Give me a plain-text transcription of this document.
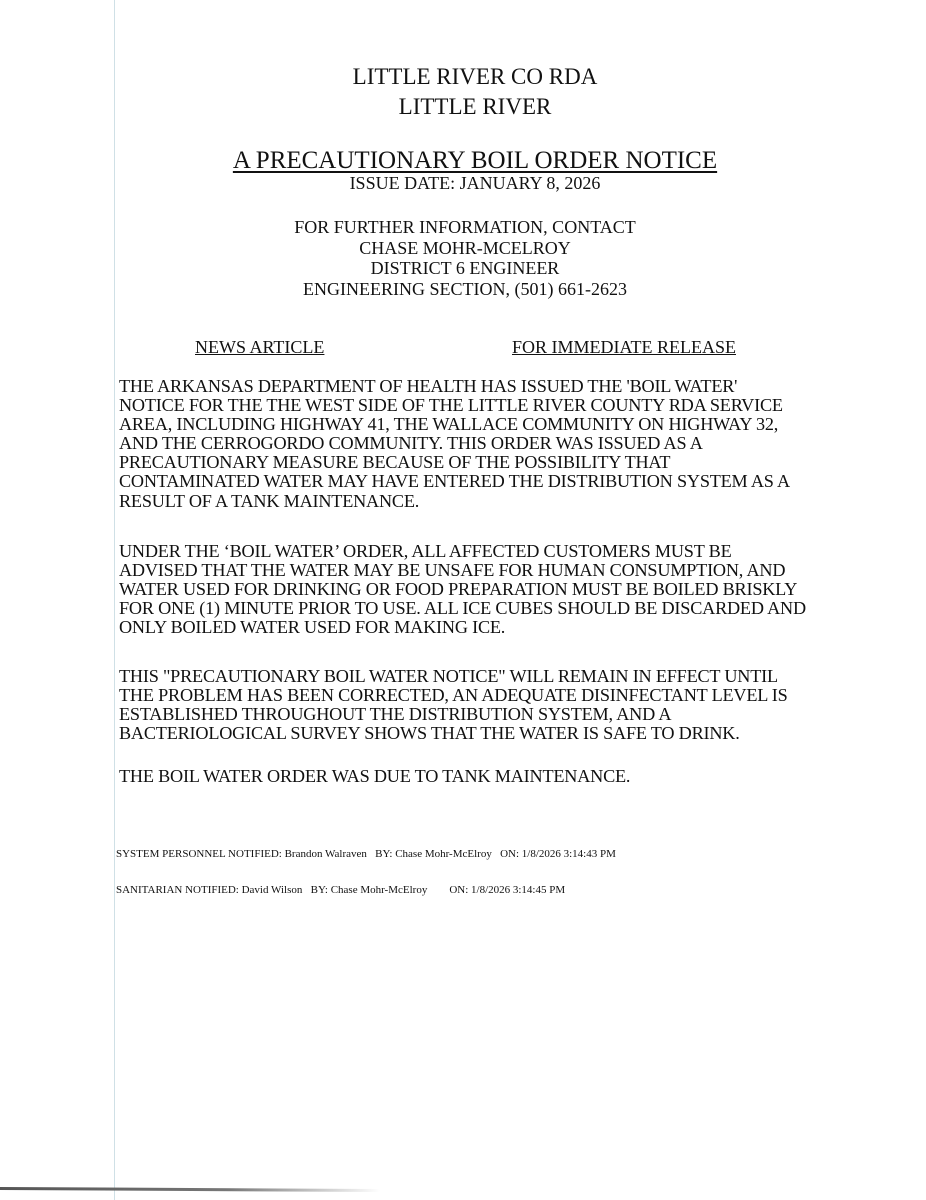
LITTLE RIVER CO RDA
LITTLE RIVER
A PRECAUTIONARY BOIL ORDER NOTICE
ISSUE DATE: JANUARY 8, 2026
FOR FURTHER INFORMATION, CONTACT
CHASE MOHR-MCELROY
DISTRICT 6 ENGINEER
ENGINEERING SECTION, (501) 661-2623
NEWS ARTICLE	FOR IMMEDIATE RELEASE
THE ARKANSAS DEPARTMENT OF HEALTH HAS ISSUED THE 'BOIL WATER'
NOTICE FOR THE THE WEST SIDE OF THE LITTLE RIVER COUNTY RDA SERVICE
AREA, INCLUDING HIGHWAY 41, THE WALLACE COMMUNITY ON HIGHWAY 32,
AND THE CERROGORDO COMMUNITY. THIS ORDER WAS ISSUED AS A
PRECAUTIONARY MEASURE BECAUSE OF THE POSSIBILITY THAT
CONTAMINATED WATER MAY HAVE ENTERED THE DISTRIBUTION SYSTEM AS A
RESULT OF A TANK MAINTENANCE.
UNDER THE ‘BOIL WATER’ ORDER, ALL AFFECTED CUSTOMERS MUST BE
ADVISED THAT THE WATER MAY BE UNSAFE FOR HUMAN CONSUMPTION, AND
WATER USED FOR DRINKING OR FOOD PREPARATION MUST BE BOILED BRISKLY
FOR ONE (1) MINUTE PRIOR TO USE. ALL ICE CUBES SHOULD BE DISCARDED AND
ONLY BOILED WATER USED FOR MAKING ICE.
THIS "PRECAUTIONARY BOIL WATER NOTICE" WILL REMAIN IN EFFECT UNTIL
THE PROBLEM HAS BEEN CORRECTED, AN ADEQUATE DISINFECTANT LEVEL IS
ESTABLISHED THROUGHOUT THE DISTRIBUTION SYSTEM, AND A
BACTERIOLOGICAL SURVEY SHOWS THAT THE WATER IS SAFE TO DRINK.
THE BOIL WATER ORDER WAS DUE TO TANK MAINTENANCE.

SYSTEM PERSONNEL NOTIFIED: Brandon Walraven   BY: Chase Mohr-McElroy   ON: 1/8/2026 3:14:43 PM

SANITARIAN NOTIFIED: David Wilson   BY: Chase Mohr-McElroy        ON: 1/8/2026 3:14:45 PM
